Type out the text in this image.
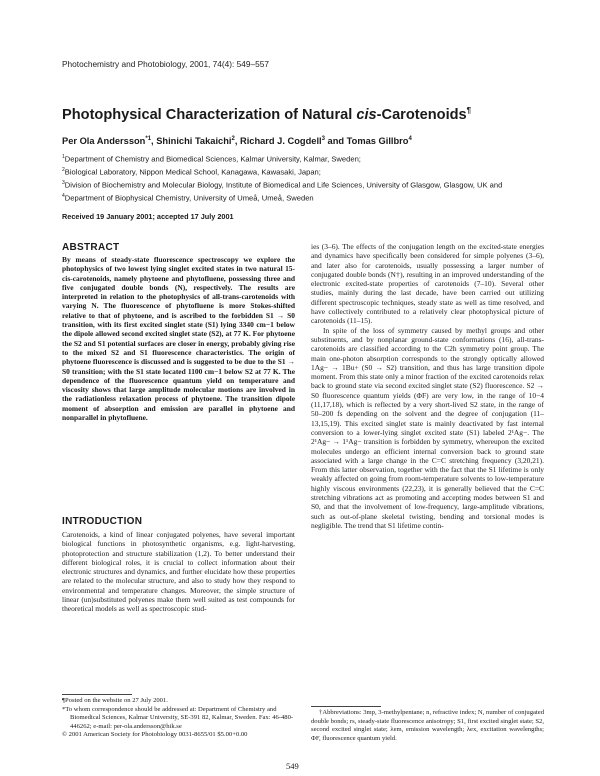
Photochemistry and Photobiology, 2001, 74(4): 549–557
Photophysical Characterization of Natural cis-Carotenoids¶
Per Ola Andersson$^{*1}$, Shinichi Takaichi$^2$, Richard J. Cogdell$^3$ and Tomas Gillbro$^4$
$^1$Department of Chemistry and Biomedical Sciences, Kalmar University, Kalmar, Sweden;
$^2$Biological Laboratory, Nippon Medical School, Kanagawa, Kawasaki, Japan;
$^3$Division of Biochemistry and Molecular Biology, Institute of Biomedical and Life Sciences, University of Glasgow, Glasgow, UK and
$^4$Department of Biophysical Chemistry, University of Umeå, Umeå, Sweden
Received 19 January 2001; accepted 17 July 2001
ABSTRACT
By means of steady-state fluorescence spectroscopy we explore the photophysics of two lowest lying singlet excited states in two natural 15-cis-carotenoids, namely phytoene and phytofluene, possessing three and five conjugated double bonds (N), respectively. The results are interpreted in relation to the photophysics of all-trans-carotenoids with varying N. The fluorescence of phytofluene is more Stokes-shifted relative to that of phytoene, and is ascribed to the forbidden S1 → S0 transition, with its first excited singlet state (S1) lying 3340 cm−1 below the dipole allowed second excited singlet state (S2), at 77 K. For phytoene the S2 and S1 potential surfaces are closer in energy, probably giving rise to the mixed S2 and S1 fluorescence characteristics. The origin of phytoene fluorescence is discussed and is suggested to be due to the S1 → S0 transition; with the S1 state located 1100 cm−1 below S2 at 77 K. The dependence of the fluorescence quantum yield on temperature and viscosity shows that large amplitude molecular motions are involved in the radiationless relaxation process of phytoene. The transition dipole moment of absorption and emission are parallel in phytoene and nonparallel in phytofluene.
INTRODUCTION
Carotenoids, a kind of linear conjugated polyenes, have several important biological functions in photosynthetic organisms, e.g. light-harvesting, photoprotection and structure stabilization (1,2). To better understand their different biological roles, it is crucial to collect information about their electronic structures and dynamics, and further elucidate how these properties are related to the molecular structure, and also to study how they respond to environmental and temperature changes. Moreover, the simple structure of linear (un)substituted polyenes make them well suited as test compounds for theoretical models as well as spectroscopic stud-

ies (3–6). The effects of the conjugation length on the excited-state energies and dynamics have specifically been considered for simple polyenes (3–6), and later also for carotenoids, usually possessing a larger number of conjugated double bonds (N†), resulting in an improved understanding of the electronic excited-state properties of carotenoids (7–10). Several other studies, mainly during the last decade, have been carried out utilizing different spectroscopic techniques, steady state as well as time resolved, and have collectively contributed to a relatively clear photophysical picture of carotenoids (11–15).

In spite of the loss of symmetry caused by methyl groups and other substituents, and by nonplanar ground-state conformations (16), all-trans-carotenoids are classified according to the C2h symmetry point group. The main one-photon absorption corresponds to the strongly optically allowed 1Ag− → 1Bu+ (S0 → S2) transition, and thus has large transition dipole moment. From this state only a minor fraction of the excited carotenoids relax back to ground state via second excited singlet state (S2) fluorescence. S2 → S0 fluorescence quantum yields (ΦF) are very low, in the range of 10−4 (11,17,18), which is reflected by a very short-lived S2 state, in the range of 50–200 fs depending on the solvent and the degree of conjugation (11–13,15,19). This excited singlet state is mainly deactivated by fast internal conversion to a lower-lying singlet excited state (S1) labeled 2¹Ag−. The 2¹Ag− → 1¹Ag− transition is forbidden by symmetry, whereupon the excited molecules undergo an efficient internal conversion back to ground state associated with a large change in the C=C stretching frequency (3,20,21). From this latter observation, together with the fact that the S1 lifetime is only weakly affected on going from room-temperature solvents to low-temperature highly viscous environments (22,23), it is generally believed that the C=C stretching vibrations act as promoting and accepting modes between S1 and S0, and that the involvement of low-frequency, large-amplitude vibrations, such as out-of-plane skeletal twisting, bending and torsional modes is negligible. The trend that S1 lifetime contin-

¶Posted on the website on 27 July 2001.
*To whom correspondence should be addressed at: Department of Chemistry and Biomedical Sciences, Kalmar University, SE-391 82, Kalmar, Sweden. Fax: 46-480-446262; e-mail: per-ola.andersson@hik.se
© 2001 American Society for Photobiology 0031-8655/01 $5.00+0.00
†Abbreviations: 3mp, 3-methylpentane; n, refractive index; N, number of conjugated double bonds; rs, steady-state fluorescence anisotropy; S1, first excited singlet state; S2, second excited singlet state; λem, emission wavelength; λex, excitation wavelengths; ΦF, fluorescence quantum yield.
549
